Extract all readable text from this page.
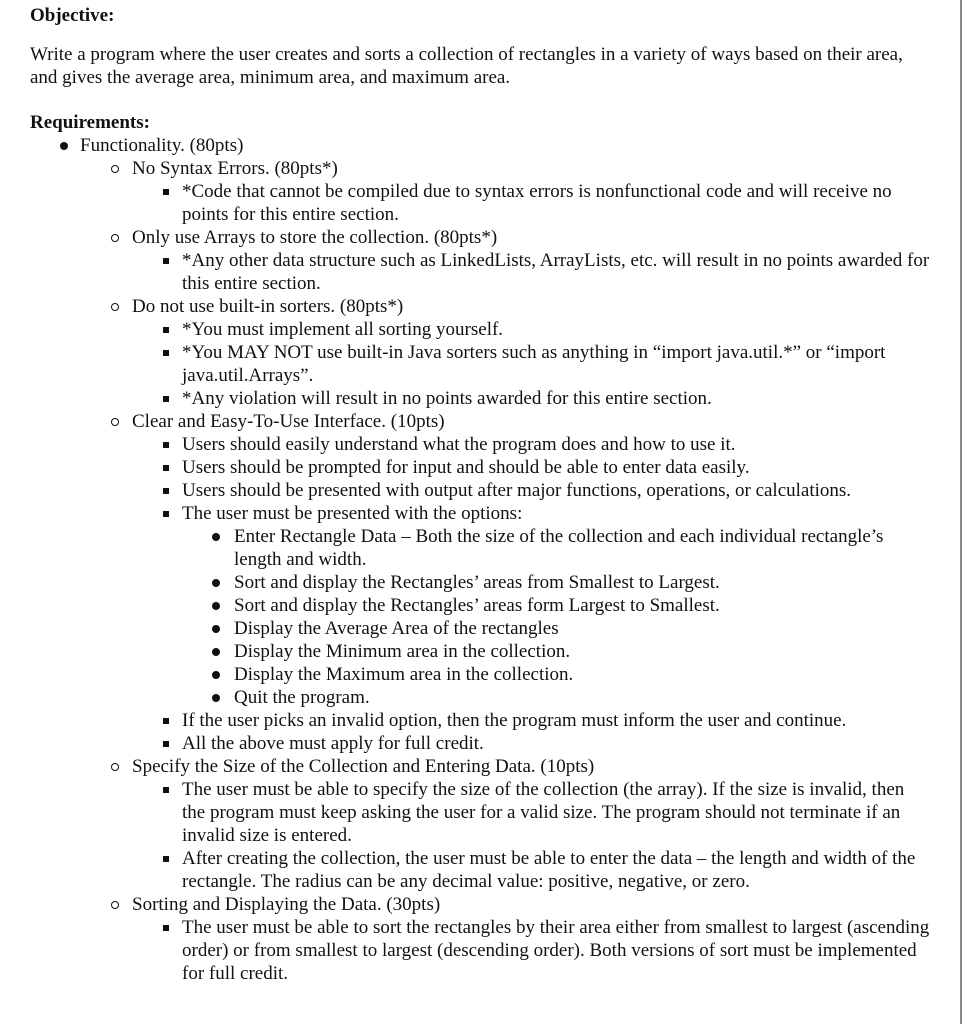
Objective:

Write a program where the user creates and sorts a collection of rectangles in a variety of ways based on their area, and gives the average area, minimum area, and maximum area.

Requirements:

Functionality. (80pts)
No Syntax Errors. (80pts*)
*Code that cannot be compiled due to syntax errors is nonfunctional code and will receive no points for this entire section.
Only use Arrays to store the collection. (80pts*)
*Any other data structure such as LinkedLists, ArrayLists, etc. will result in no points awarded for this entire section.
Do not use built-in sorters. (80pts*)
*You must implement all sorting yourself.
*You MAY NOT use built-in Java sorters such as anything in “import java.util.*” or “import java.util.Arrays”.
*Any violation will result in no points awarded for this entire section.
Clear and Easy-To-Use Interface. (10pts)
Users should easily understand what the program does and how to use it.
Users should be prompted for input and should be able to enter data easily.
Users should be presented with output after major functions, operations, or calculations.
The user must be presented with the options:
Enter Rectangle Data – Both the size of the collection and each individual rectangle’s length and width.
Sort and display the Rectangles’ areas from Smallest to Largest.
Sort and display the Rectangles’ areas form Largest to Smallest.
Display the Average Area of the rectangles
Display the Minimum area in the collection.
Display the Maximum area in the collection.
Quit the program.
If the user picks an invalid option, then the program must inform the user and continue.
All the above must apply for full credit.
Specify the Size of the Collection and Entering Data. (10pts)
The user must be able to specify the size of the collection (the array). If the size is invalid, then the program must keep asking the user for a valid size. The program should not terminate if an invalid size is entered.
After creating the collection, the user must be able to enter the data – the length and width of the rectangle. The radius can be any decimal value: positive, negative, or zero.
Sorting and Displaying the Data. (30pts)
The user must be able to sort the rectangles by their area either from smallest to largest (ascending order) or from smallest to largest (descending order). Both versions of sort must be implemented for full credit.
